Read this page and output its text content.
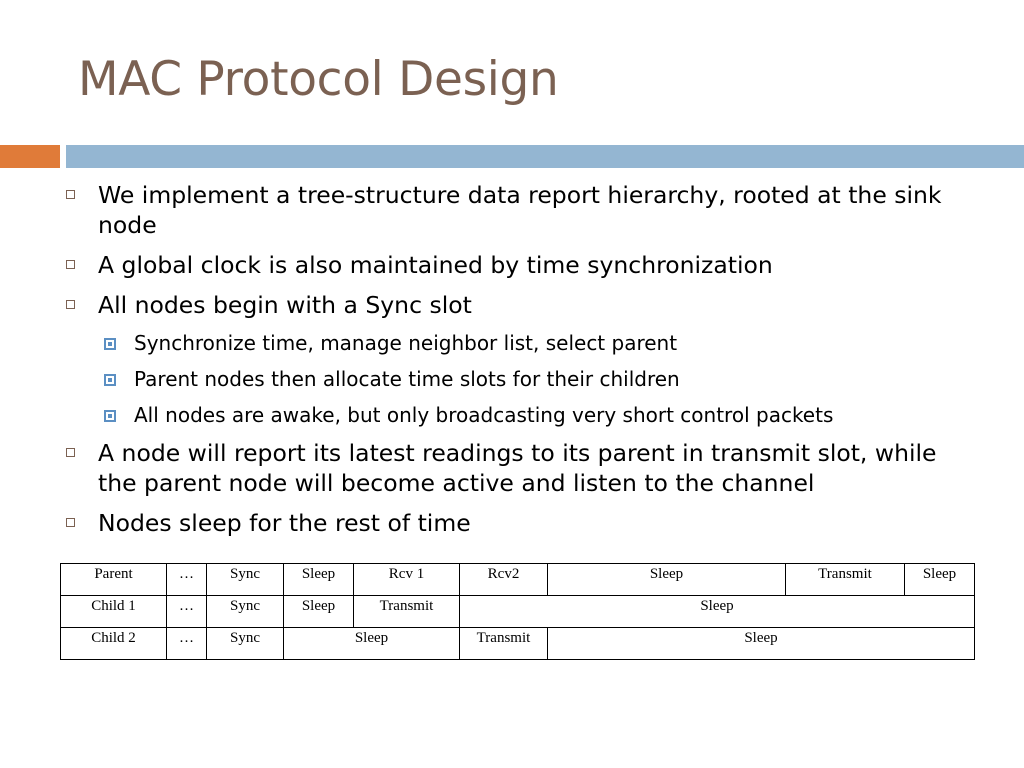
MAC Protocol Design
We implement a tree-structure data report hierarchy, rooted at the sink node
A global clock is also maintained by time synchronization
All nodes begin with a Sync slot
Synchronize time, manage neighbor list, select parent
Parent nodes then allocate time slots for their children
All nodes are awake, but only broadcasting very short control packets
A node will report its latest readings to its parent in transmit slot, while the parent node will become active and listen to the channel
Nodes sleep for the rest of time
Parent	…	Sync	Sleep	Rcv 1	Rcv2	Sleep	Transmit	Sleep
Child 1	…	Sync	Sleep	Transmit	Sleep			
Child 2	…	Sync	Sleep		Transmit	Sleep		
